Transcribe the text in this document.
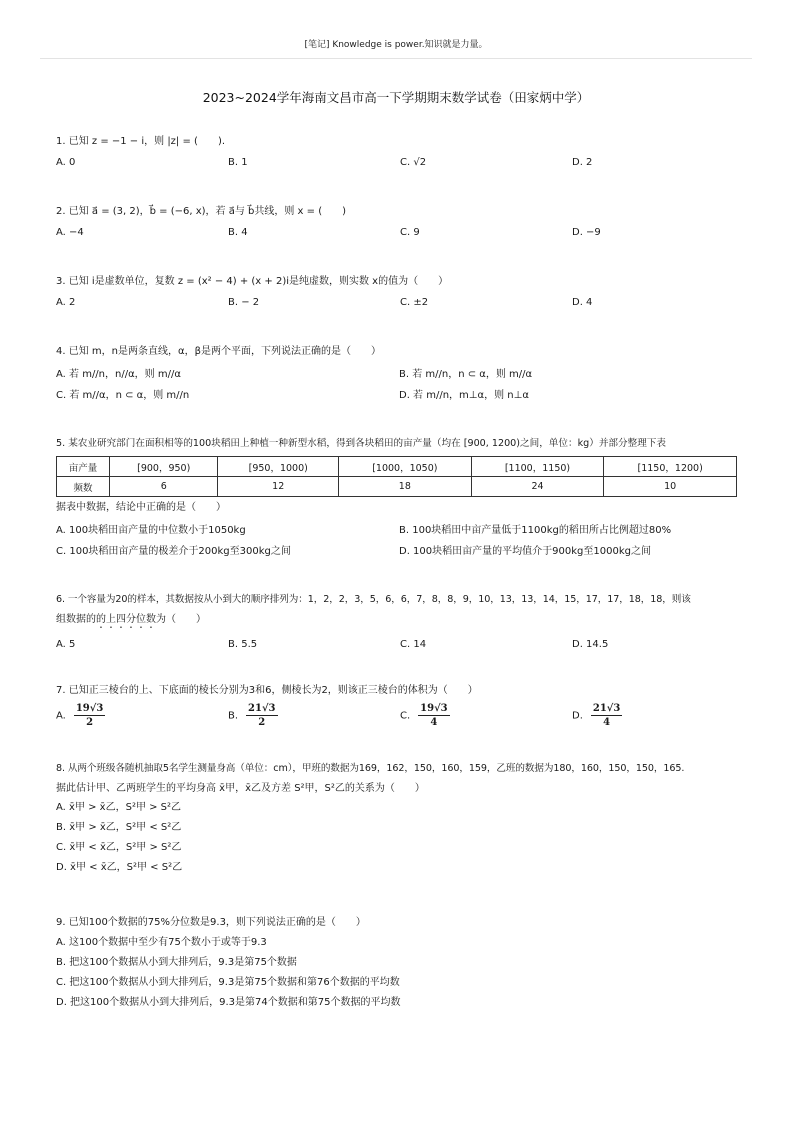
[笔记] Knowledge is power.知识就是力量。
2023~2024学年海南文昌市高一下学期期末数学试卷（田家炳中学）
1. 已知 z = −1 − i，则 |z| = (　　).
A. 0	B. 1	C. √2	D. 2
2. 已知 a⃗ = (3, 2)，b⃗ = (−6, x)，若 a⃗与 b⃗共线，则 x = (　　)
A. −4	B. 4	C. 9	D. −9
3. 已知 i是虚数单位，复数 z = (x² − 4) + (x + 2)i是纯虚数，则实数 x的值为（　　）
A. 2	B. − 2	C. ±2	D. 4
4. 已知 m，n是两条直线，α，β是两个平面，下列说法正确的是（　　）
A. 若 m//n，n//α，则 m//α	B. 若 m//n，n ⊂ α，则 m//α
C. 若 m//α，n ⊂ α，则 m//n	D. 若 m//n，m⊥α，则 n⊥α
5. 某农业研究部门在面积相等的100块稻田上种植一种新型水稻，得到各块稻田的亩产量（均在 [900, 1200)之间，单位：kg）并部分整理下表
亩产量	[900，950)	[950，1000)	[1000，1050)	[1100，1150)	[1150，1200)
频数	6	12	18	24	10
据表中数据，结论中正确的是（　　）
A. 100块稻田亩产量的中位数小于1050kg	B. 100块稻田中亩产量低于1100kg的稻田所占比例超过80%
C. 100块稻田亩产量的极差介于200kg至300kg之间	D. 100块稻田亩产量的平均值介于900kg至1000kg之间
6. 一个容量为20的样本，其数据按从小到大的顺序排列为：1，2，2，3，5，6，6，7，8，8，9，10，13，13，14，15，17，17，18，18，则该
组数据的的上四分位数为（　　）
A. 5	B. 5.5	C. 14	D. 14.5
7. 已知正三棱台的上、下底面的棱长分别为3和6，侧棱长为2，则该正三棱台的体积为（　　）
A. $\frac{19√3}{2}$	B. $\frac{21√3}{2}$	C. $\frac{19√3}{4}$	D. $\frac{21√3}{4}$
8. 从两个班级各随机抽取5名学生测量身高（单位：cm），甲班的数据为169，162，150，160，159，乙班的数据为180，160，150，150，165.
据此估计甲、乙两班学生的平均身高 x̄甲，x̄乙及方差 S²甲，S²乙的关系为（　　）
A. x̄甲 > x̄乙，S²甲 > S²乙
B. x̄甲 > x̄乙，S²甲 < S²乙
C. x̄甲 < x̄乙，S²甲 > S²乙
D. x̄甲 < x̄乙，S²甲 < S²乙
9. 已知100个数据的75%分位数是9.3，则下列说法正确的是（　　）
A. 这100个数据中至少有75个数小于或等于9.3
B. 把这100个数据从小到大排列后，9.3是第75个数据
C. 把这100个数据从小到大排列后，9.3是第75个数据和第76个数据的平均数
D. 把这100个数据从小到大排列后，9.3是第74个数据和第75个数据的平均数
